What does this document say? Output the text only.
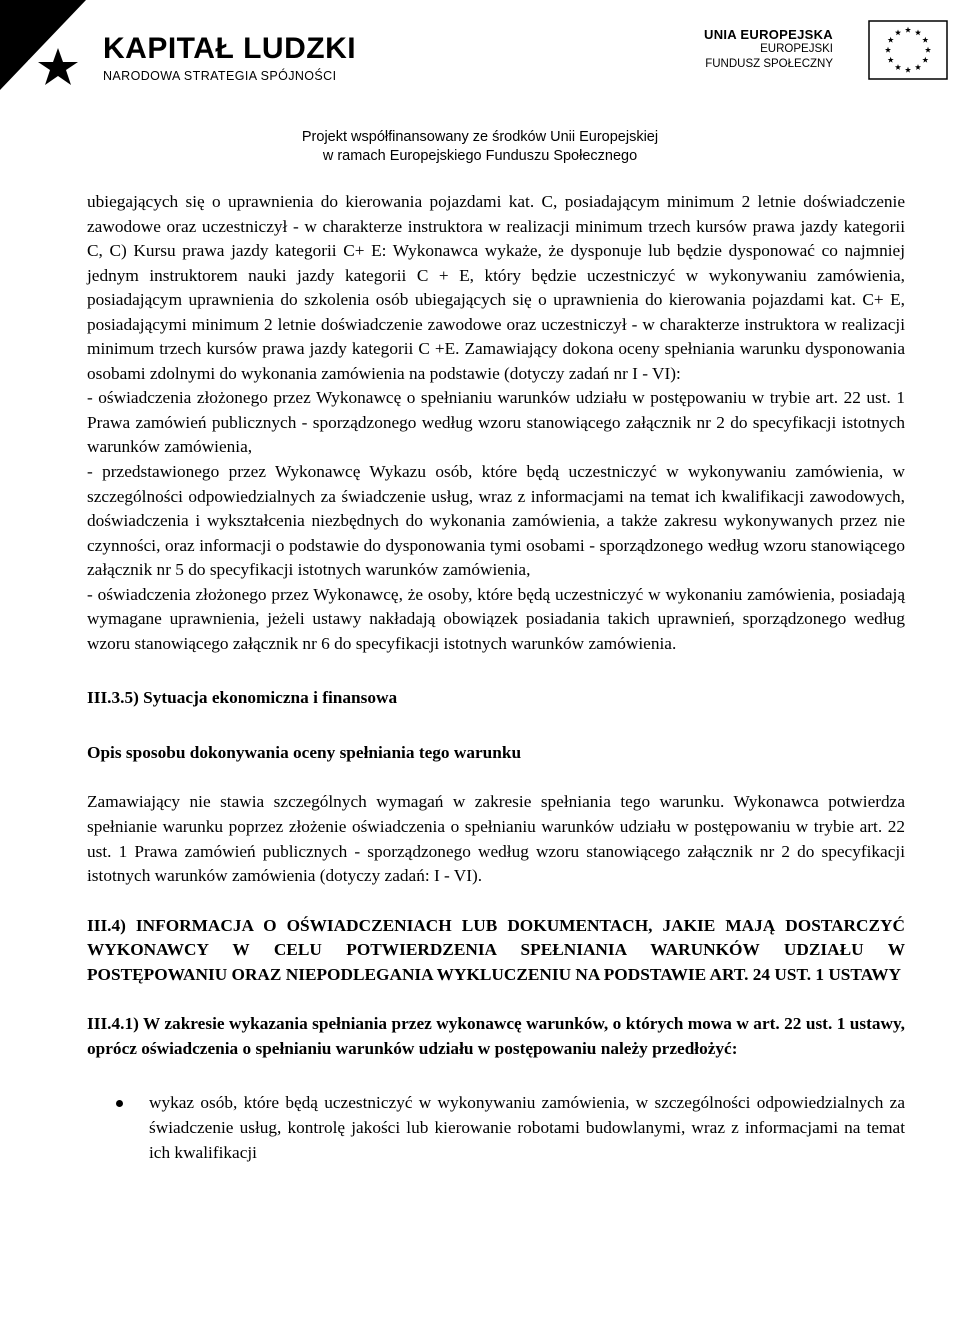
KAPITAŁ LUDZKI
NARODOWA STRATEGIA SPÓJNOŚCI
UNIA EUROPEJSKA
EUROPEJSKI
FUNDUSZ SPOŁECZNY
Projekt współfinansowany ze środków Unii Europejskiej
w ramach Europejskiego Funduszu Społecznego

ubiegających się o uprawnienia do kierowania pojazdami kat. C, posiadającym minimum 2 letnie doświadczenie zawodowe oraz uczestniczył - w charakterze instruktora w realizacji minimum trzech kursów prawa jazdy kategorii C, C) Kursu prawa jazdy kategorii C+ E: Wykonawca wykaże, że dysponuje lub będzie dysponować co najmniej jednym instruktorem nauki jazdy kategorii C + E, który będzie uczestniczyć w wykonywaniu zamówienia, posiadającym uprawnienia do szkolenia osób ubiegających się o uprawnienia do kierowania pojazdami kat. C+ E, posiadającymi minimum 2 letnie doświadczenie zawodowe oraz uczestniczył - w charakterze instruktora w realizacji minimum trzech kursów prawa jazdy kategorii C +E. Zamawiający dokona oceny spełniania warunku dysponowania osobami zdolnymi do wykonania zamówienia na podstawie (dotyczy zadań nr I - VI):

- oświadczenia złożonego przez Wykonawcę o spełnianiu warunków udziału w postępowaniu w trybie art. 22 ust. 1 Prawa zamówień publicznych - sporządzonego według wzoru stanowiącego załącznik nr 2 do specyfikacji istotnych warunków zamówienia,

- przedstawionego przez Wykonawcę Wykazu osób, które będą uczestniczyć w wykonywaniu zamówienia, w szczególności odpowiedzialnych za świadczenie usług, wraz z informacjami na temat ich kwalifikacji zawodowych, doświadczenia i wykształcenia niezbędnych do wykonania zamówienia, a także zakresu wykonywanych przez nie czynności, oraz informacji o podstawie do dysponowania tymi osobami - sporządzonego według wzoru stanowiącego załącznik nr 5 do specyfikacji istotnych warunków zamówienia,

- oświadczenia złożonego przez Wykonawcę, że osoby, które będą uczestniczyć w wykonaniu zamówienia, posiadają wymagane uprawnienia, jeżeli ustawy nakładają obowiązek posiadania takich uprawnień, sporządzonego według wzoru stanowiącego załącznik nr 6 do specyfikacji istotnych warunków zamówienia.

III.3.5) Sytuacja ekonomiczna i finansowa

Opis sposobu dokonywania oceny spełniania tego warunku

Zamawiający nie stawia szczególnych wymagań w zakresie spełniania tego warunku. Wykonawca potwierdza spełnianie warunku poprzez złożenie oświadczenia o spełnianiu warunków udziału w postępowaniu w trybie art. 22 ust. 1 Prawa zamówień publicznych - sporządzonego według wzoru stanowiącego załącznik nr 2 do specyfikacji istotnych warunków zamówienia (dotyczy zadań: I - VI).

III.4) INFORMACJA O OŚWIADCZENIACH LUB DOKUMENTACH, JAKIE MAJĄ DOSTARCZYĆ WYKONAWCY W CELU POTWIERDZENIA SPEŁNIANIA WARUNKÓW UDZIAŁU W POSTĘPOWANIU ORAZ NIEPODLEGANIA WYKLUCZENIU NA PODSTAWIE ART. 24 UST. 1 USTAWY

III.4.1) W zakresie wykazania spełniania przez wykonawcę warunków, o których mowa w art. 22 ust. 1 ustawy, oprócz oświadczenia o spełnianiu warunków udziału w postępowaniu należy przedłożyć:

wykaz osób, które będą uczestniczyć w wykonywaniu zamówienia, w szczególności odpowiedzialnych za świadczenie usług, kontrolę jakości lub kierowanie robotami budowlanymi, wraz z informacjami na temat ich kwalifikacji
